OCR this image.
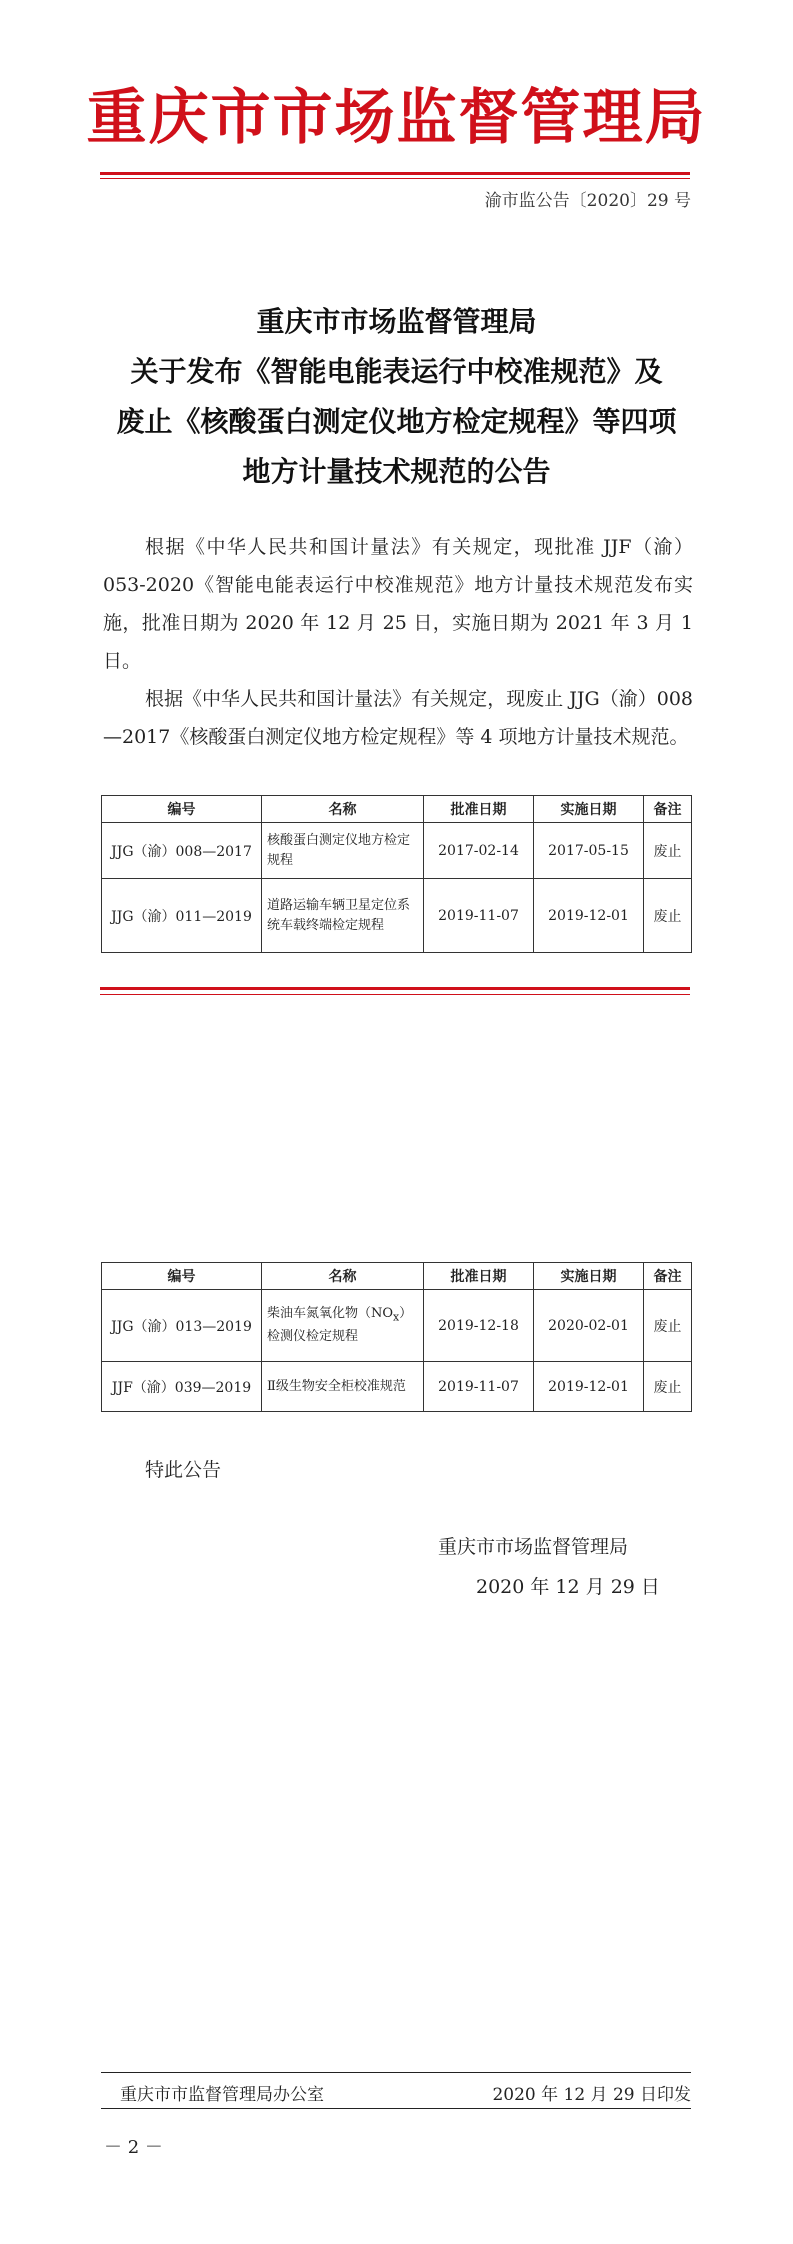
重庆市市场监督管理局
渝市监公告〔2020〕29 号
重庆市市场监督管理局
关于发布《智能电能表运行中校准规范》及
废止《核酸蛋白测定仪地方检定规程》等四项
地方计量技术规范的公告

根据《中华人民共和国计量法》有关规定，现批准 JJF（渝）053-2020《智能电能表运行中校准规范》地方计量技术规范发布实施，批准日期为 2020 年 12 月 25 日，实施日期为 2021 年 3 月 1 日。

根据《中华人民共和国计量法》有关规定，现废止 JJG（渝）008—2017《核酸蛋白测定仪地方检定规程》等 4 项地方计量技术规范。

编号	名称	批准日期	实施日期	备注
JJG（渝）008—2017	核酸蛋白测定仪地方检定规程	2017-02-14	2017-05-15	废止
JJG（渝）011—2019	道路运输车辆卫星定位系统车载终端检定规程	2019-11-07	2019-12-01	废止
编号	名称	批准日期	实施日期	备注
JJG（渝）013—2019	柴油车氮氧化物$(NO_x)$检测仪检定规程	2019-12-18	2020-02-01	废止
JJF（渝）039—2019	Ⅱ级生物安全柜校准规范	2019-11-07	2019-12-01	废止
特此公告
重庆市市场监督管理局
2020 年 12 月 29 日
重庆市市监督管理局办公室	2020 年 12 月 29 日印发
－ 2 －
